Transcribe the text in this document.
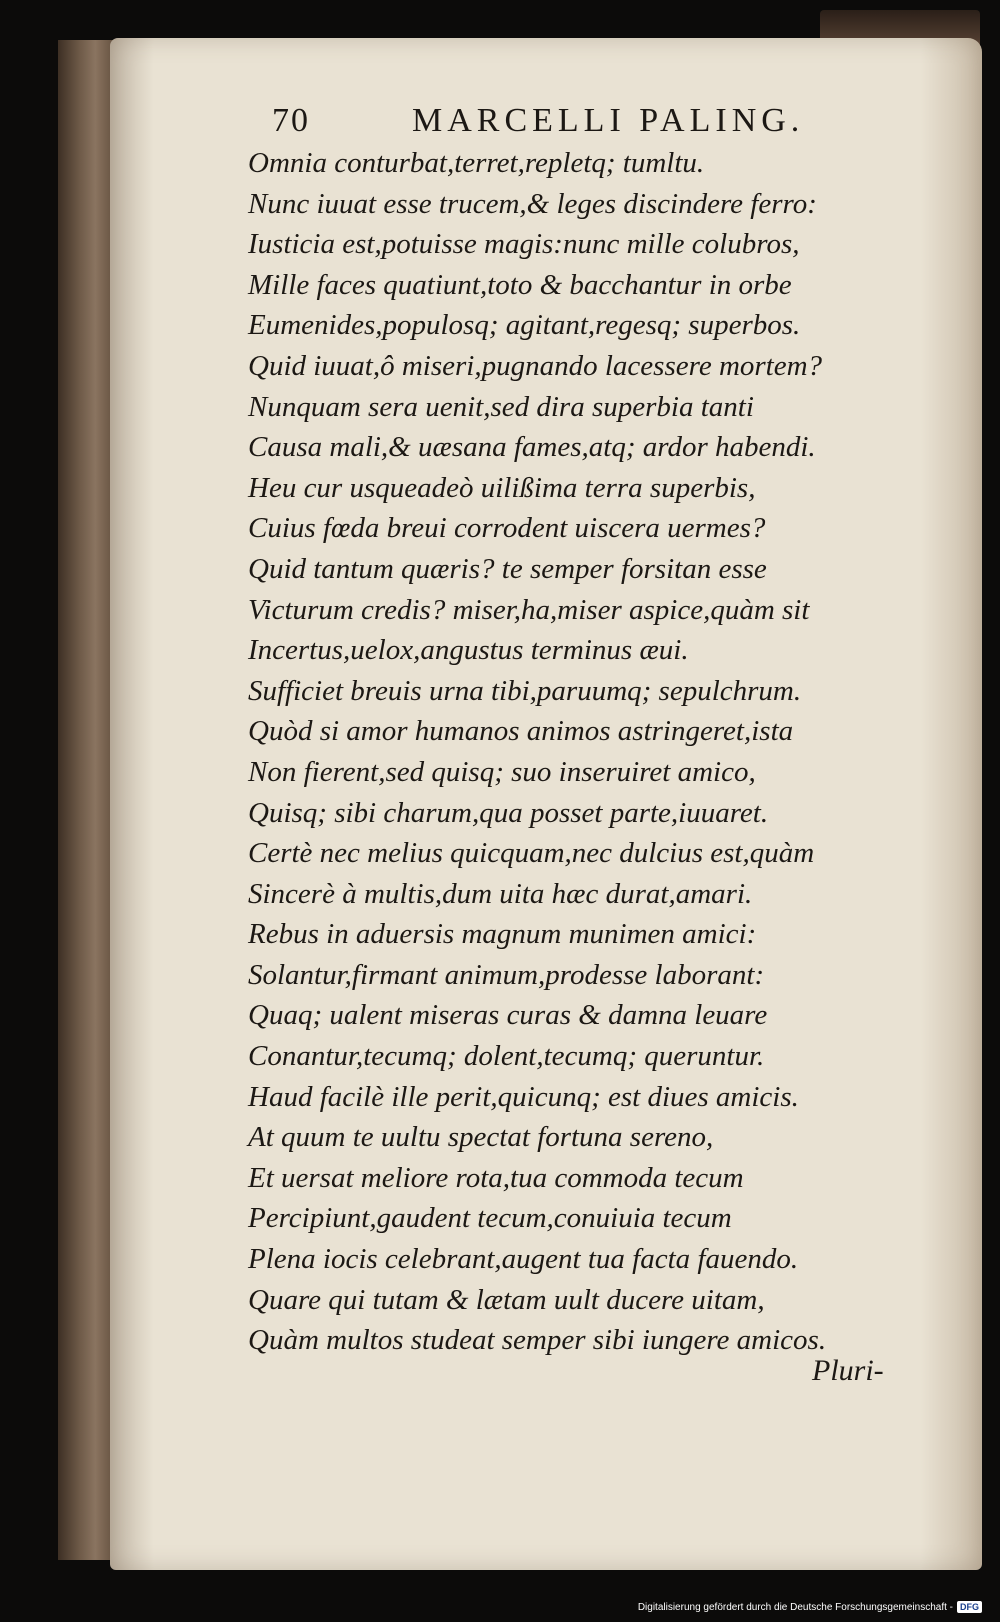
70	MARCELLI PALING.
Omnia conturbat,terret,repletq; tumltu.
Nunc iuuat esse trucem,& leges discindere ferro:
Iusticia est,potuisse magis:nunc mille colubros,
Mille faces quatiunt,toto & bacchantur in orbe
Eumenides,populosq; agitant,regesq; superbos.
Quid iuuat,ô miseri,pugnando lacessere mortem?
Nunquam sera uenit,sed dira superbia tanti
Causa mali,& uæsana fames,atq; ardor habendi.
Heu cur usqueadeò uilißima terra superbis,
Cuius fœda breui corrodent uiscera uermes?
Quid tantum quæris? te semper forsitan esse
Victurum credis? miser,ha,miser aspice,quàm sit
Incertus,uelox,angustus terminus æui.
Sufficiet breuis urna tibi,paruumq; sepulchrum.
Quòd si amor humanos animos astringeret,ista
Non fierent,sed quisq; suo inseruiret amico,
Quisq; sibi charum,qua posset parte,iuuaret.
Certè nec melius quicquam,nec dulcius est,quàm
Sincerè à multis,dum uita hæc durat,amari.
Rebus in aduersis magnum munimen amici:
Solantur,firmant animum,prodesse laborant:
Quaq; ualent miseras curas & damna leuare
Conantur,tecumq; dolent,tecumq; queruntur.
Haud facilè ille perit,quicunq; est diues amicis.
At quum te uultu spectat fortuna sereno,
Et uersat meliore rota,tua commoda tecum
Percipiunt,gaudent tecum,conuiuia tecum
Plena iocis celebrant,augent tua facta fauendo.
Quare qui tutam & lætam uult ducere uitam,
Quàm multos studeat semper sibi iungere amicos.
Pluri-
Digitalisierung gefördert durch die Deutsche Forschungsgemeinschaft - DFG
